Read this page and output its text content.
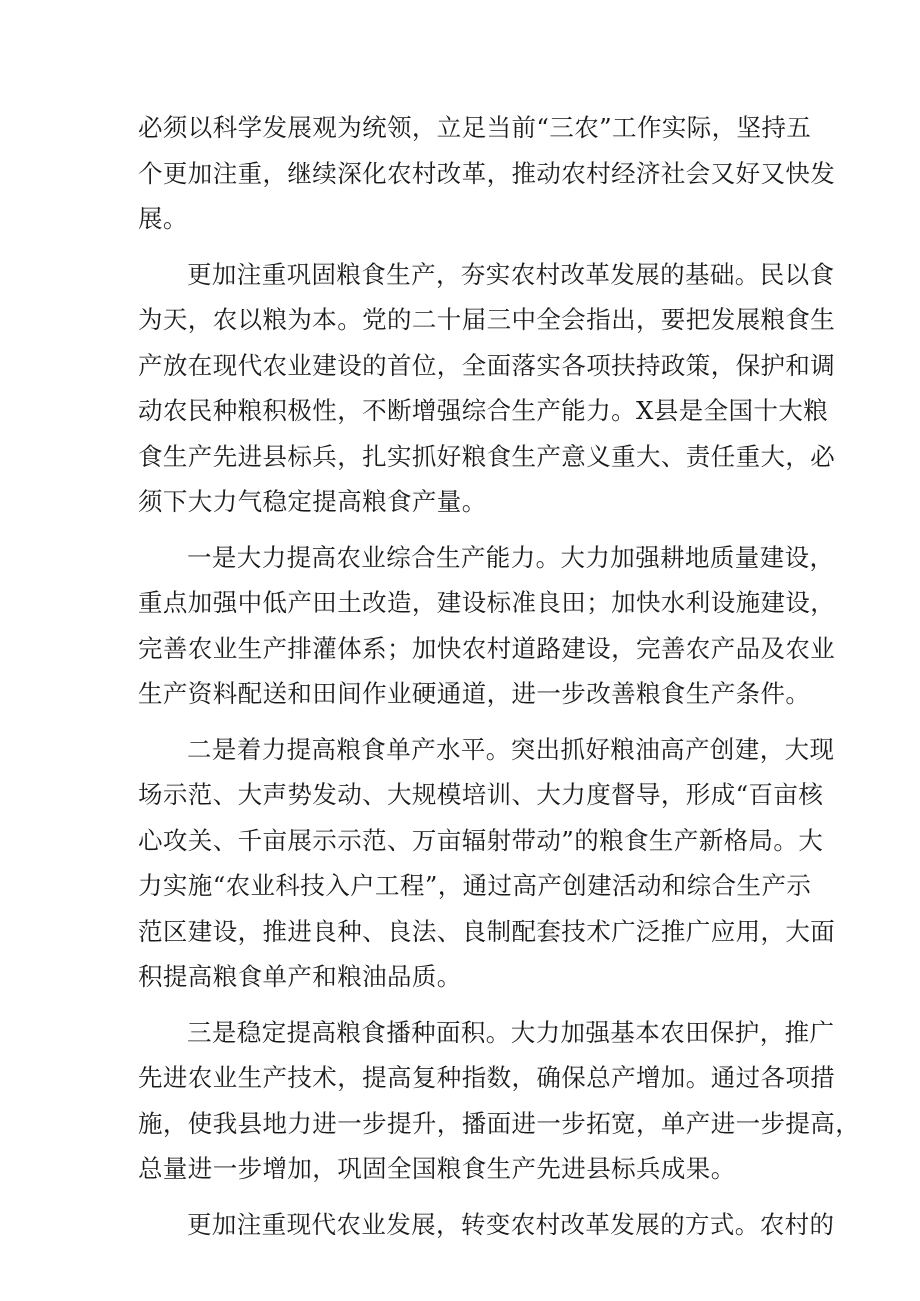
必须以科学发展观为统领，立足当前“三农”工作实际，坚持五
个更加注重，继续深化农村改革，推动农村经济社会又好又快发
展。
更加注重巩固粮食生产，夯实农村改革发展的基础。民以食
为天，农以粮为本。党的二十届三中全会指出，要把发展粮食生
产放在现代农业建设的首位，全面落实各项扶持政策，保护和调
动农民种粮积极性，不断增强综合生产能力。X县是全国十大粮
食生产先进县标兵，扎实抓好粮食生产意义重大、责任重大，必
须下大力气稳定提高粮食产量。
一是大力提高农业综合生产能力。大力加强耕地质量建设，
重点加强中低产田土改造，建设标准良田；加快水利设施建设，
完善农业生产排灌体系；加快农村道路建设，完善农产品及农业
生产资料配送和田间作业硬通道，进一步改善粮食生产条件。
二是着力提高粮食单产水平。突出抓好粮油高产创建，大现
场示范、大声势发动、大规模培训、大力度督导，形成“百亩核
心攻关、千亩展示示范、万亩辐射带动”的粮食生产新格局。大
力实施“农业科技入户工程”，通过高产创建活动和综合生产示
范区建设，推进良种、良法、良制配套技术广泛推广应用，大面
积提高粮食单产和粮油品质。
三是稳定提高粮食播种面积。大力加强基本农田保护，推广
先进农业生产技术，提高复种指数，确保总产增加。通过各项措
施，使我县地力进一步提升，播面进一步拓宽，单产进一步提高，
总量进一步增加，巩固全国粮食生产先进县标兵成果。
更加注重现代农业发展，转变农村改革发展的方式。农村的
